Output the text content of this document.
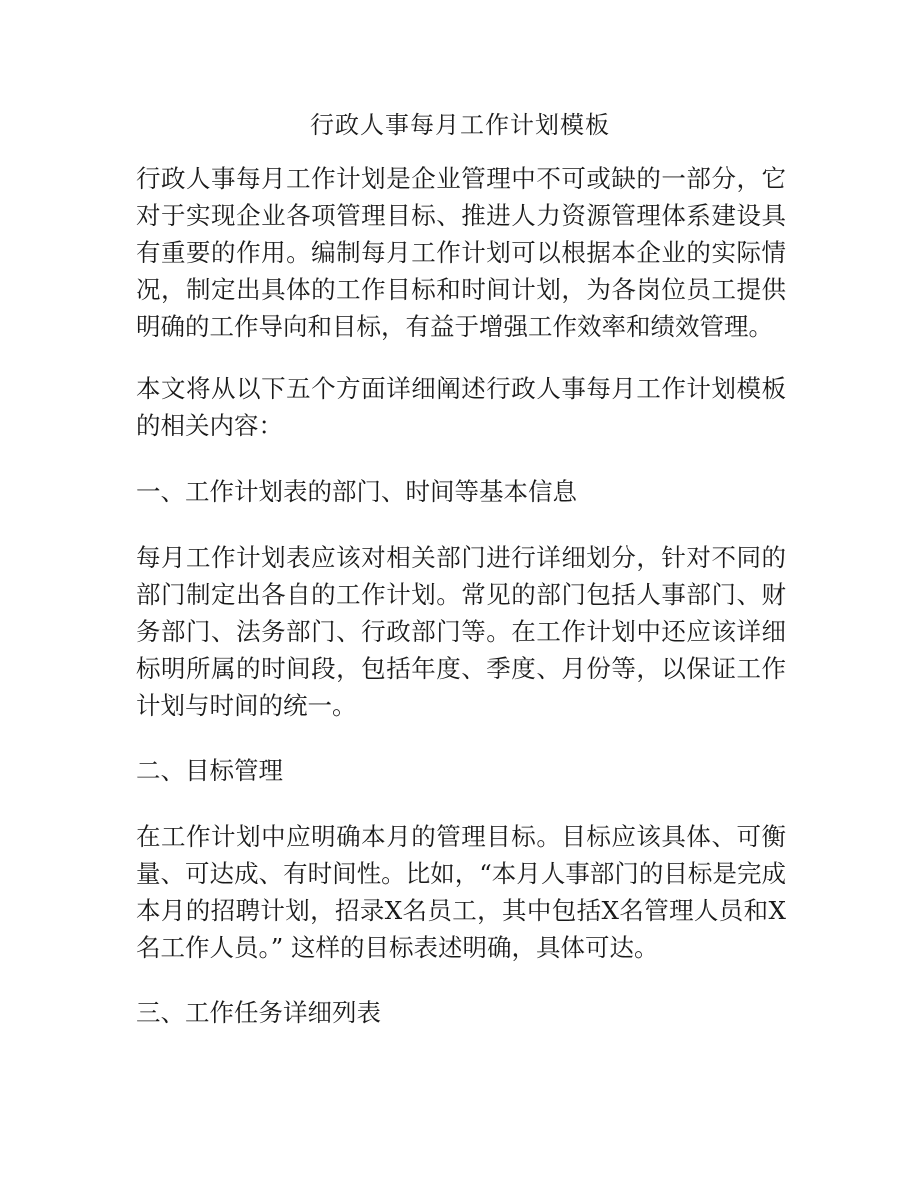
行政人事每月工作计划模板

行政人事每月工作计划是企业管理中不可或缺的一部分，它对于实现企业各项管理目标、推进人力资源管理体系建设具有重要的作用。编制每月工作计划可以根据本企业的实际情况，制定出具体的工作目标和时间计划，为各岗位员工提供明确的工作导向和目标，有益于增强工作效率和绩效管理。

本文将从以下五个方面详细阐述行政人事每月工作计划模板的相关内容：

一、工作计划表的部门、时间等基本信息

每月工作计划表应该对相关部门进行详细划分，针对不同的部门制定出各自的工作计划。常见的部门包括人事部门、财务部门、法务部门、行政部门等。在工作计划中还应该详细标明所属的时间段，包括年度、季度、月份等，以保证工作计划与时间的统一。

二、目标管理

在工作计划中应明确本月的管理目标。目标应该具体、可衡量、可达成、有时间性。比如，“本月人事部门的目标是完成本月的招聘计划，招录X名员工，其中包括X名管理人员和X名工作人员。” 这样的目标表述明确，具体可达。

三、工作任务详细列表
